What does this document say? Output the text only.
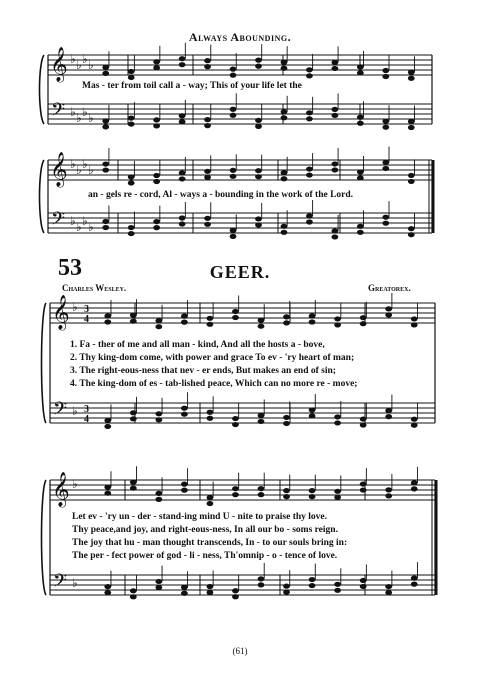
𝄞
𝄢
♭ ♭ ♭ ♭
♭ ♭ ♭ ♭
𝄞
𝄢
♭ ♭ ♭ ♭
♭ ♭ ♭ ♭
𝄞
𝄢
♭
♭
𝄞
𝄢
♭
♭
3
4
3
4
Always Abounding.
Mas - ter from toil call a - way; This of your life let the
an - gels re - cord, Al - ways a - bounding in the work of the Lord.
53	GEER.
Charles Wesley.	Greatorex.
1. Fa - ther of me and all man - kind, And all the hosts a - bove,
2. Thy king-dom come, with power and grace To ev - 'ry heart of man;
3. The right-eous-ness that nev - er ends, But makes an end of sin;
4. The king-dom of es - tab-lished peace, Which can no more re - move;
Let ev - 'ry un - der - stand-ing mind U - nite to praise thy love.
Thy peace,and joy, and right-eous-ness, In all our bo - soms reign.
The joy that hu - man thought transcends, In - to our souls bring in:
The per - fect power of god - li - ness, Th'omnip - o - tence of love.
(61)
